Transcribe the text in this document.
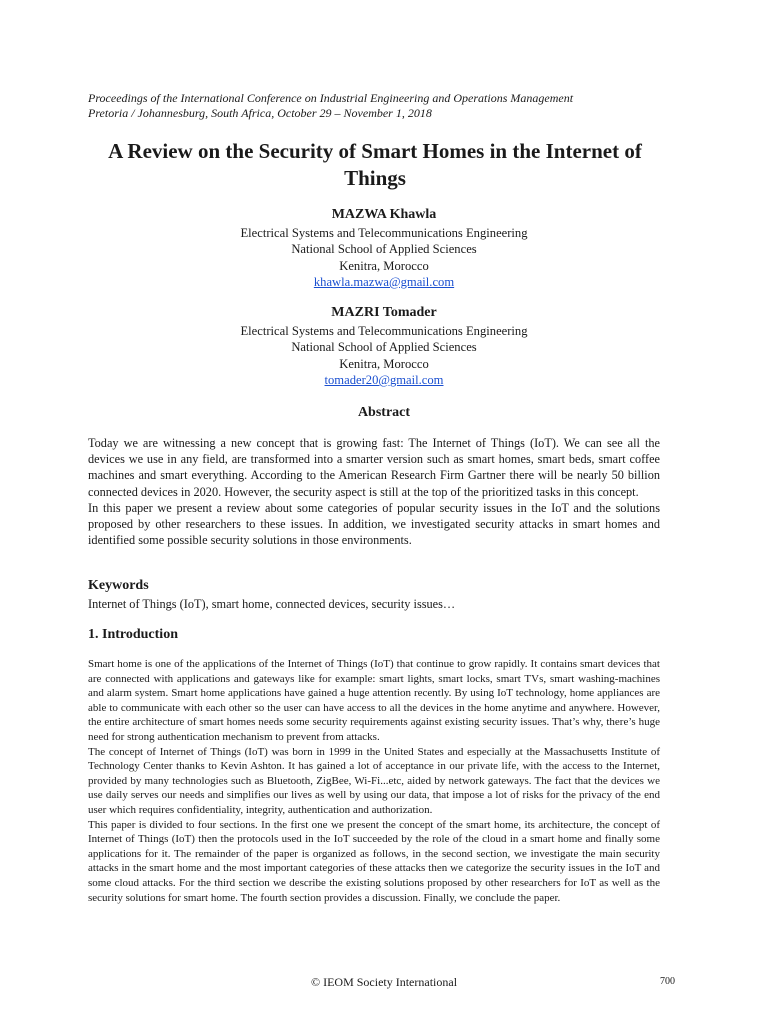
Proceedings of the International Conference on Industrial Engineering and Operations Management
Pretoria / Johannesburg, South Africa, October 29 – November 1, 2018
A Review on the Security of Smart Homes in the Internet of
Things
MAZWA Khawla
Electrical Systems and Telecommunications Engineering
National School of Applied Sciences
Kenitra, Morocco
khawla.mazwa@gmail.com
MAZRI Tomader
Electrical Systems and Telecommunications Engineering
National School of Applied Sciences
Kenitra, Morocco
tomader20@gmail.com
Abstract

Today we are witnessing a new concept that is growing fast: The Internet of Things (IoT). We can see all the devices we use in any field, are transformed into a smarter version such as smart homes, smart beds, smart coffee machines and smart everything. According to the American Research Firm Gartner there will be nearly 50 billion connected devices in 2020. However, the security aspect is still at the top of the prioritized tasks in this concept.

In this paper we present a review about some categories of popular security issues in the IoT and the solutions proposed by other researchers to these issues. In addition, we investigated security attacks in smart homes and identified some possible security solutions in those environments.

Keywords
Internet of Things (IoT), smart home, connected devices, security issues…
1. Introduction

Smart home is one of the applications of the Internet of Things (IoT) that continue to grow rapidly. It contains smart devices that are connected with applications and gateways like for example: smart lights, smart locks, smart TVs, smart washing-machines and alarm system. Smart home applications have gained a huge attention recently. By using IoT technology, home appliances are able to communicate with each other so the user can have access to all the devices in the home anytime and anywhere. However, the entire architecture of smart homes needs some security requirements against existing security issues. That’s why, there’s huge need for strong authentication mechanism to prevent from attacks.

The concept of Internet of Things (IoT) was born in 1999 in the United States and especially at the Massachusetts Institute of Technology Center thanks to Kevin Ashton. It has gained a lot of acceptance in our private life, with the access to the Internet, provided by many technologies such as Bluetooth, ZigBee, Wi-Fi...etc, aided by network gateways. The fact that the devices we use daily serves our needs and simplifies our lives as well by using our data, that impose a lot of risks for the privacy of the end user which requires confidentiality, integrity, authentication and authorization.

This paper is divided to four sections. In the first one we present the concept of the smart home, its architecture, the concept of Internet of Things (IoT) then the protocols used in the IoT succeeded by the role of the cloud in a smart home and finally some applications for it. The remainder of the paper is organized as follows, in the second section, we investigate the main security attacks in the smart home and the most important categories of these attacks then we categorize the security issues in the IoT and some cloud attacks. For the third section we describe the existing solutions proposed by other researchers for IoT as well as the security solutions for smart home. The fourth section provides a discussion. Finally, we conclude the paper.

© IEOM Society International	700
